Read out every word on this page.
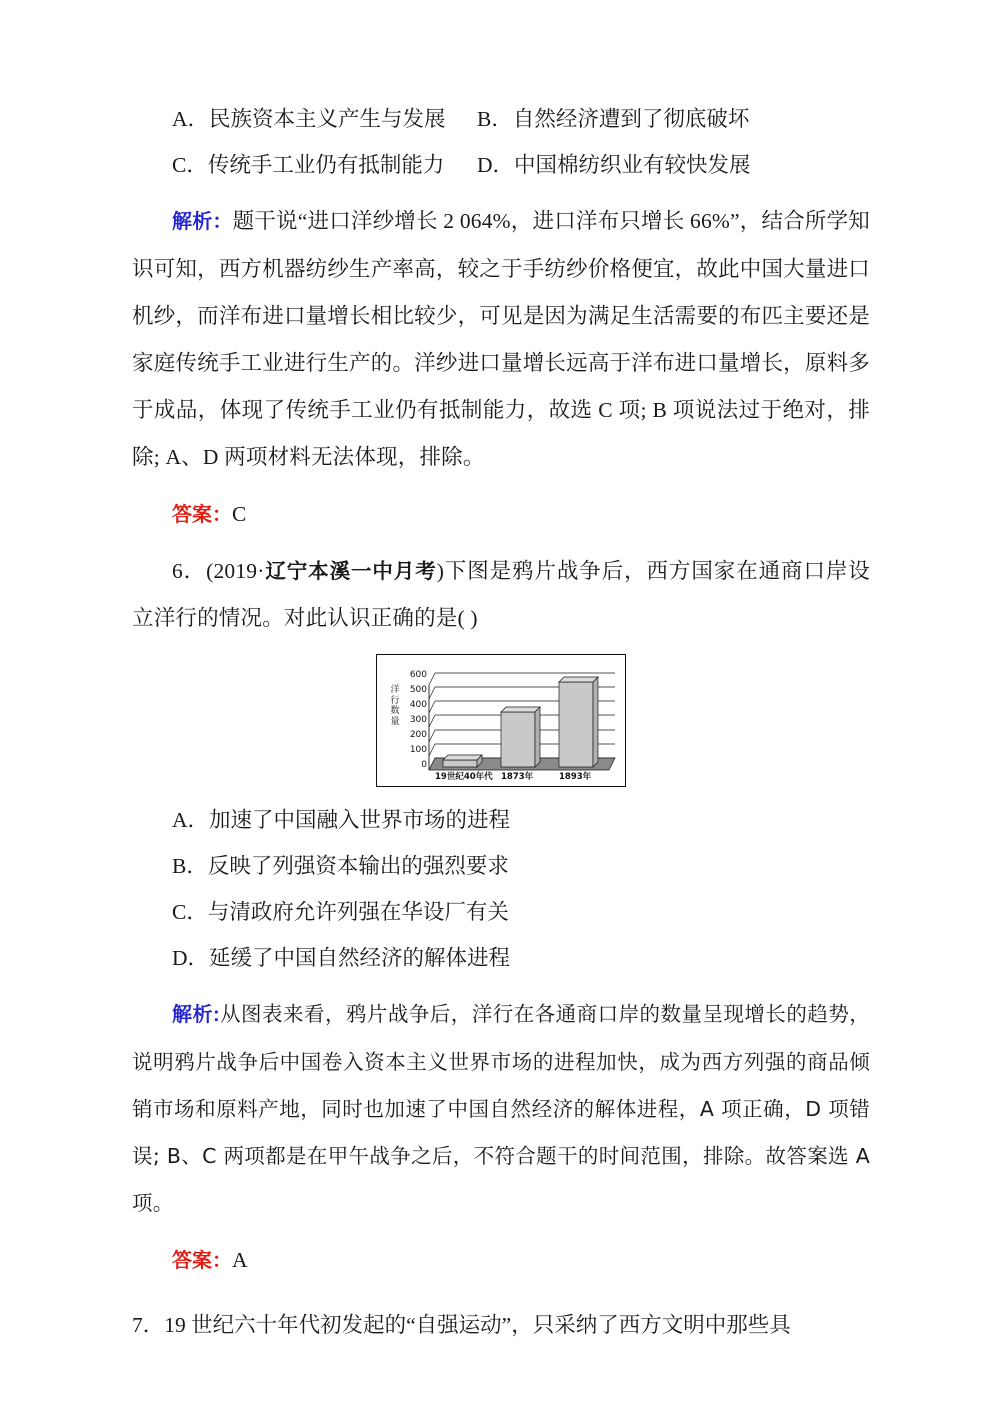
A．民族资本主义产生与发展	B．自然经济遭到了彻底破坏
C．传统手工业仍有抵制能力	D．中国棉纺织业有较快发展

解析：题干说“进口洋纱增长 2 064%，进口洋布只增长 66%”，结合所学知识可知，西方机器纺纱生产率高，较之于手纺纱价格便宜，故此中国大量进口机纱，而洋布进口量增长相比较少，可见是因为满足生活需要的布匹主要还是家庭传统手工业进行生产的。洋纱进口量增长远高于洋布进口量增长，原料多于成品，体现了传统手工业仍有抵制能力，故选 C 项; B 项说法过于绝对，排除; A、D 两项材料无法体现，排除。

答案：C

6．(2019·辽宁本溪一中月考)下图是鸦片战争后，西方国家在通商口岸设立洋行的情况。对此认识正确的是( )

洋行数量
600
500
400
300
200
100
0
19世纪40年代 1873年	1893年
A．加速了中国融入世界市场的进程
B．反映了列强资本输出的强烈要求
C．与清政府允许列强在华设厂有关
D．延缓了中国自然经济的解体进程

解析:从图表来看，鸦片战争后，洋行在各通商口岸的数量呈现增长的趋势，说明鸦片战争后中国卷入资本主义世界市场的进程加快，成为西方列强的商品倾销市场和原料产地，同时也加速了中国自然经济的解体进程，A 项正确，D 项错误; B、C 两项都是在甲午战争之后，不符合题干的时间范围，排除。故答案选 A 项。

答案：A
7．19 世纪六十年代初发起的“自强运动”，只采纳了西方文明中那些具
